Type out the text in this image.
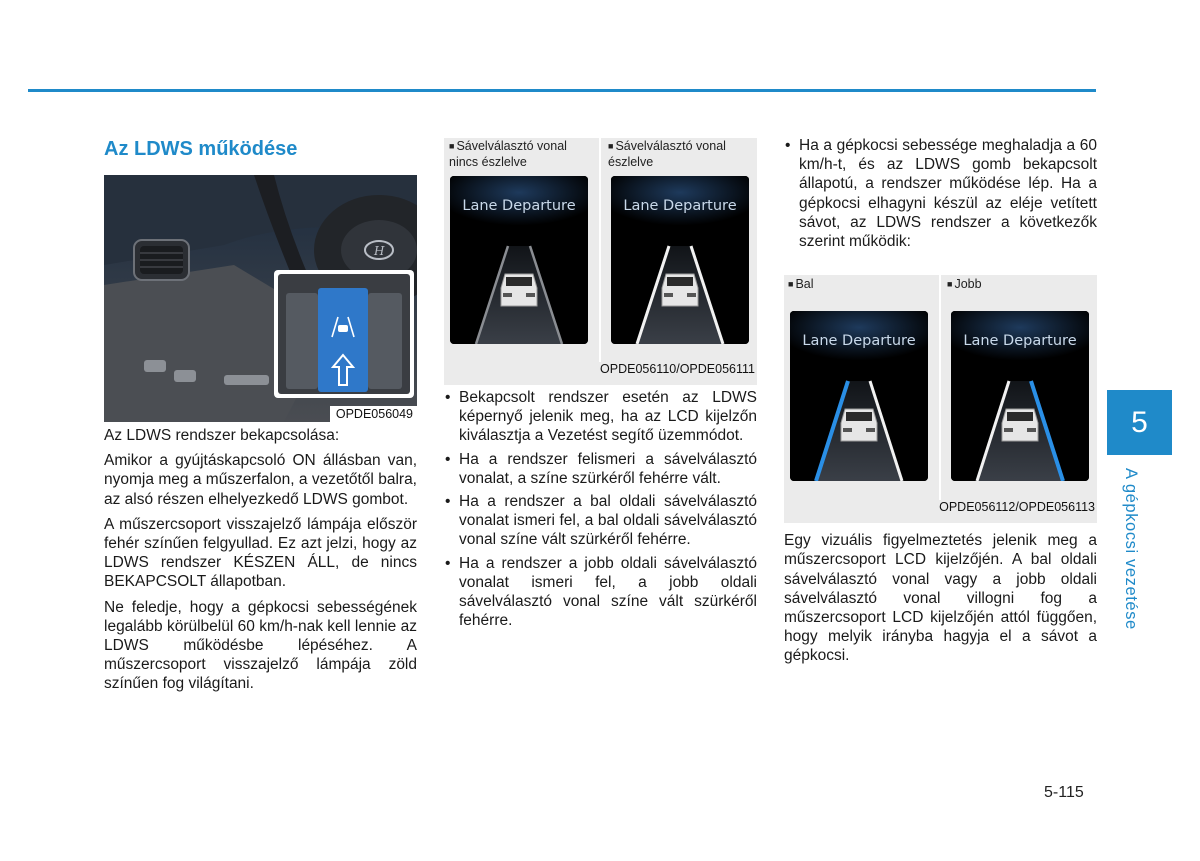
Az LDWS működése
H
OPDE056049

Az LDWS rendszer bekapcsolása:

Amikor a gyújtáskapcsoló ON állásban van, nyomja meg a műszerfalon, a vezetőtől balra, az alsó részen elhelyezkedő LDWS gombot.

A műszercsoport visszajelző lámpája először fehér színűen felgyullad. Ez azt jelzi, hogy az LDWS rendszer KÉSZEN ÁLL, de nincs BEKAPCSOLT állapotban.

Ne feledje, hogy a gépkocsi sebességének legalább körülbelül 60 km/h-nak kell lennie az LDWS működésbe lépéséhez. A műszercsoport visszajelző lámpája zöld színűen fog világítani.

■ Sávelválasztó vonal nincs észlelve
■ Sávelválasztó vonal észlelve
Lane Departure	Lane Departure
OPDE056110/OPDE056111
• Bekapcsolt rendszer esetén az LDWS képernyő jelenik meg, ha az LCD kijelzőn kiválasztja a Vezetést segítő üzemmódot.
• Ha a rendszer felismeri a sávelválasztó vonalat, a színe szürkéről fehérre vált.
• Ha a rendszer a bal oldali sávelválasztó vonalat ismeri fel, a bal oldali sávelválasztó vonal színe vált szürkéről fehérre.
• Ha a rendszer a jobb oldali sávelválasztó vonalat ismeri fel, a jobb oldali sávelválasztó vonal színe vált szürkéről fehérre.
• Ha a gépkocsi sebessége meghaladja a 60 km/h-t, és az LDWS gomb bekapcsolt állapotú, a rendszer működése lép. Ha a gépkocsi elhagyni készül az eléje vetített sávot, az LDWS rendszer a következők szerint működik:
■ Bal	■ Jobb
Lane Departure	Lane Departure
OPDE056112/OPDE056113

Egy vizuális figyelmeztetés jelenik meg a műszercsoport LCD kijelzőjén. A bal oldali sávelválasztó vonal vagy a jobb oldali sávelválasztó vonal villogni fog a műszercsoport LCD kijelzőjén attól függően, hogy melyik irányba hagyja el a sávot a gépkocsi.

5
A gépkocsi vezetése
5-115
